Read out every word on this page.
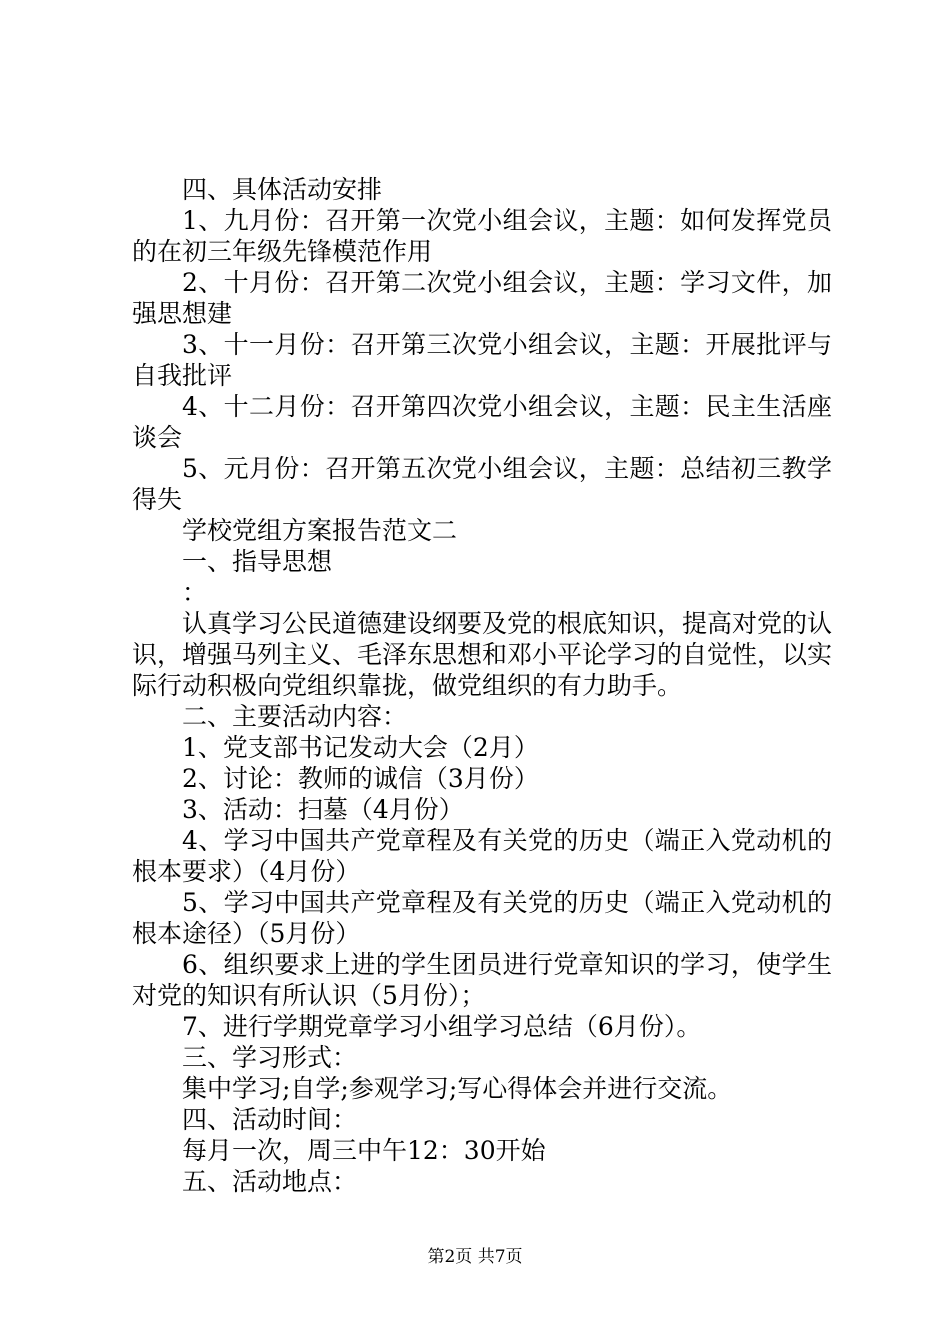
四、具体活动安排

1、九月份：召开第一次党小组会议，主题：如何发挥党员的在初三年级先锋模范作用

2、十月份：召开第二次党小组会议，主题：学习文件，加强思想建

3、十一月份：召开第三次党小组会议，主题：开展批评与自我批评

4、十二月份：召开第四次党小组会议，主题：民主生活座谈会

5、元月份：召开第五次党小组会议，主题：总结初三教学得失

学校党组方案报告范文二

一、指导思想

：

认真学习公民道德建设纲要及党的根底知识，提高对党的认识，增强马列主义、毛泽东思想和邓小平论学习的自觉性，以实际行动积极向党组织靠拢，做党组织的有力助手。

二、主要活动内容：

1、党支部书记发动大会（2月）

2、讨论：教师的诚信（3月份）

3、活动：扫墓（4月份）

4、学习中国共产党章程及有关党的历史（端正入党动机的根本要求）（4月份）

5、学习中国共产党章程及有关党的历史（端正入党动机的根本途径）（5月份）

6、组织要求上进的学生团员进行党章知识的学习，使学生对党的知识有所认识（5月份）；

7、进行学期党章学习小组学习总结（6月份）。

三、学习形式：

集中学习;自学;参观学习;写心得体会并进行交流。

四、活动时间：

每月一次，周三中午12：30开始

五、活动地点：

第2页 共7页
